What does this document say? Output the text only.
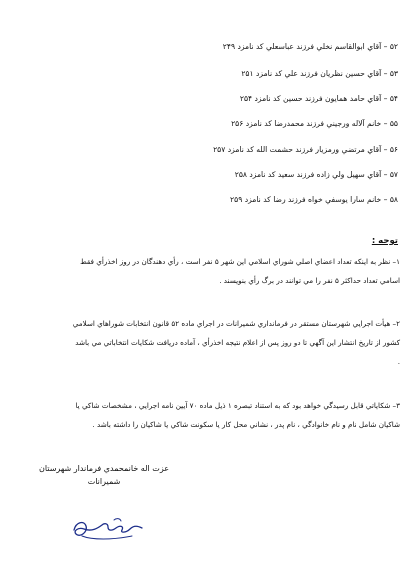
۵۲ – آقاي ابوالقاسم نخلي فرزند عباسعلي کد نامزد ۲۴۹
۵۳ – آقاي حسين نظريان فرزند علي کد نامزد ۲۵۱
۵۴ – آقاي حامد همايون فرزند حسين کد نامزد ۲۵۴
۵۵ – خانم آلاله ورجيني فرزند محمدرضا کد نامزد ۲۵۶
۵۶ – آقاي مرتضي ورمزيار فرزند حشمت الله کد نامزد ۲۵۷
۵۷ – آقاي سهيل ولي زاده فرزند سعيد کد نامزد ۲۵۸
۵۸ – خانم سارا يوسفي خواه فرزند رضا کد نامزد ۲۵۹
توجه :
۱– نظر به اينکه تعداد اعضاي اصلي شوراي اسلامي اين شهر ۵ نفر است ، رأي دهندگان در روز اخذرأي فقط
اسامي تعداد حداکثر ۵ نفر را مي توانند در برگ رأي بنويسند .
۲– هيأت اجرايي شهرستان مستقر در فرمانداري شميرانات در اجراي ماده ۵۲ قانون انتخابات شوراهاي اسلامي
کشور از تاريخ انتشار اين آگهي تا دو روز پس از اعلام نتيجه اخذرأي ، آماده دريافت شکايات انتخاباتي مي باشد
.
۳– شکاياتي قابل رسيدگي خواهد بود که به استناد تبصره ۱ ذيل ماده ۷۰ آيين نامه اجرايي ، مشخصات شاکي يا
شاکيان شامل نام و نام خانوادگي ، نام پدر ، نشاني محل کار يا سکونت شاکي يا شاکيان را داشته باشد .
عزت اله خانمحمدي فرماندار شهرستان
شميرانات
